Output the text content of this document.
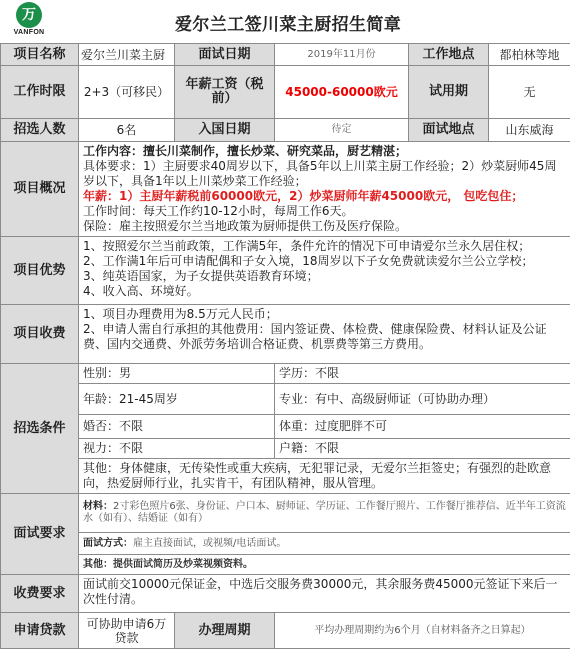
万
VANFON	爱尔兰工签川菜主厨招生简章
项目名称	爱尔兰川菜主厨	面试日期	2019年11月份	工作地点	都柏林等地
工作时限	2+3（可移民）	年薪工资（税前）	45000-60000欧元	试用期	无
招选人数	6名	入国日期	待定	面试地点	山东威海
项目概况	工作内容：擅长川菜制作，擅长炒菜、研究菜品，厨艺精湛；
具体要求：1）主厨要求40周岁以下，具备5年以上川菜主厨工作经验；2）炒菜厨师45周岁以下，具备1年以上川菜炒菜工作经验；
年薪：1）主厨年薪税前60000欧元，2）炒菜厨师年薪45000欧元， 包吃包住；
工作时间：每天工作约10-12小时，每周工作6天。
保险：雇主按照爱尔兰当地政策为厨师提供工伤及医疗保险。				

项目优势	1、按照爱尔兰当前政策，工作满5年，条件允许的情况下可申请爱尔兰永久居住权；
2、工作满1年后可申请配偶和子女入境，18周岁以下子女免费就读爱尔兰公立学校；
3、纯英语国家，为子女提供英语教育环境；
4、收入高、环境好。				

项目收费	1、项目办理费用为8.5万元人民币；
2、申请人需自行承担的其他费用：国内签证费、体检费、健康保险费、材料认证及公证费、国内交通费、外派劳务培训合格证费、机票费等第三方费用。				

招选条件	性别：男		学历：不限		
	年龄：21-45周岁		专业：有中、高级厨师证（可协助办理）		
	婚否：不限		体重：过度肥胖不可		
	视力：不限		户籍：不限		
	其他：身体健康，无传染性或重大疾病，无犯罪记录，无爱尔兰拒签史；有强烈的赴欧意向，热爱厨师行业，扎实肯干，有团队精神，服从管理。				
面试要求	材料：2寸彩色照片6张、身份证、户口本、厨师证、学历证、工作餐厅照片、工作餐厅推荐信、近半年工资流水（如有）、结婚证（如有）				
	面试方式：雇主直接面试，或视频/电话面试。				
	其他：提供面试简历及炒菜视频资料。				
收费要求	面试前交10000元保证金，中选后交服务费30000元，其余服务费45000元签证下来后一次性付清。				
申请贷款	可协助申请6万贷款	办理周期	平均办理周期约为6个月（自材料备齐之日算起）		
